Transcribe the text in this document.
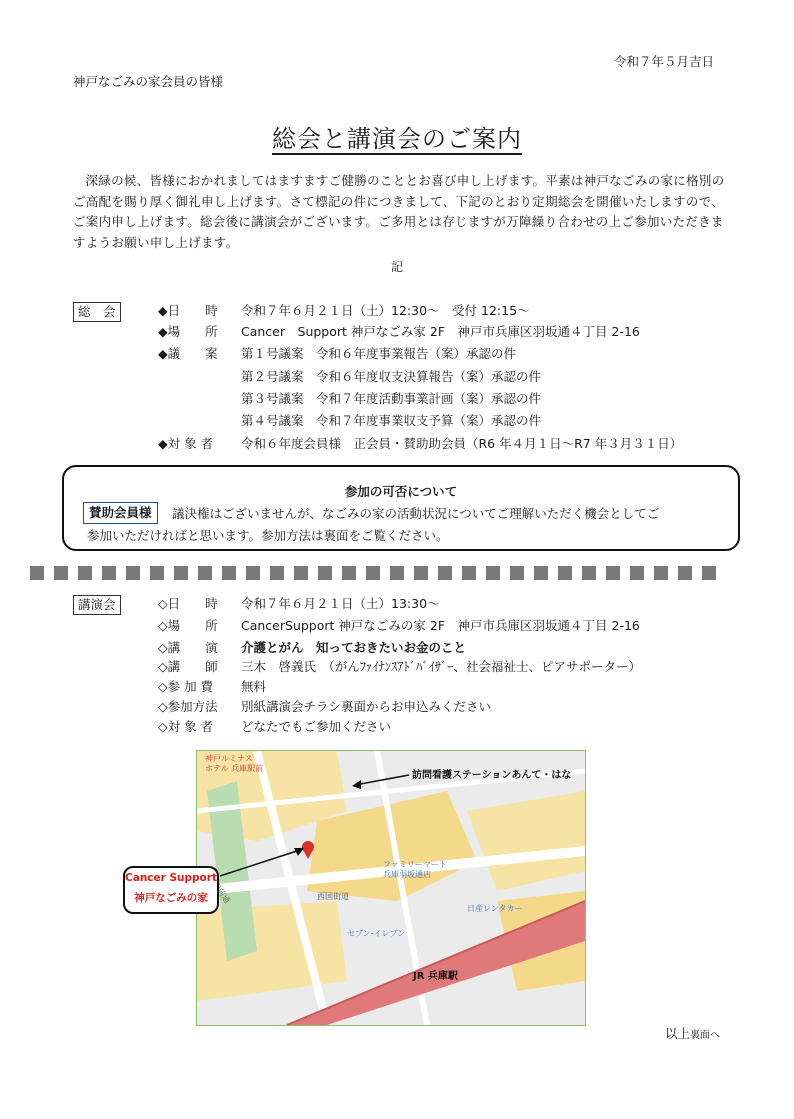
令和７年５月吉日
神戸なごみの家会員の皆様
総会と講演会のご案内
深緑の候、皆様におかれましてはますますご健勝のこととお喜び申し上げます。平素は神戸なごみの家に格別のご高配を賜り厚く御礼申し上げます。さて標記の件につきまして、下記のとおり定期総会を開催いたしますので、ご案内申し上げます。総会後に講演会がございます。ご多用とは存じますが万障繰り合わせの上ご参加いただきますようお願い申し上げます。
記
総　会	◆日　　時 令和７年６月２１日（土）12:30～　受付 12:15～
◆場　　所 Cancer　Support 神戸なごみ家 2F　神戸市兵庫区羽坂通４丁目 2-16
◆議　　案 第１号議案　令和６年度事業報告（案）承認の件
第２号議案　令和６年度収支決算報告（案）承認の件
第３号議案　令和７年度活動事業計画（案）承認の件
第４号議案　令和７年度事業収支予算（案）承認の件
◆対 象 者 令和６年度会員様　正会員・賛助助会員（R6 年４月１日～R7 年３月３１日）
参加の可否について
賛助会員様	議決権はございませんが、なごみの家の活動状況についてご理解いただく機会としてご
参加いただければと思います。参加方法は裏面をご覧ください。
講演会	◇日　　時 令和７年６月２１日（土）13:30～
◇場　　所 CancerSupport 神戸なごみの家 2F　神戸市兵庫区羽坂通４丁目 2-16
◇講　　演 介護とがん　知っておきたいお金のこと
◇講　　師 三木　啓義氏　（がんﾌｧｲﾅﾝｽｱﾄﾞﾊﾞｲｻﾞｰ、社会福祉士、ピアサポーター）
◇参 加 費 無料
◇参加方法 別紙講演会チラシ裏面からお申込みください
◇対 象 者 どなたでもご参加ください
神戸ルミナス
ホテル 兵庫駅前
訪問看護ステーションあんて・はな
ファミリーマート
兵庫羽坂通店
西国街道
日産レンタカー
セブン-イレブン
JR 兵庫駅
Cancer Support
神戸なごみの家
以上裏面へ
